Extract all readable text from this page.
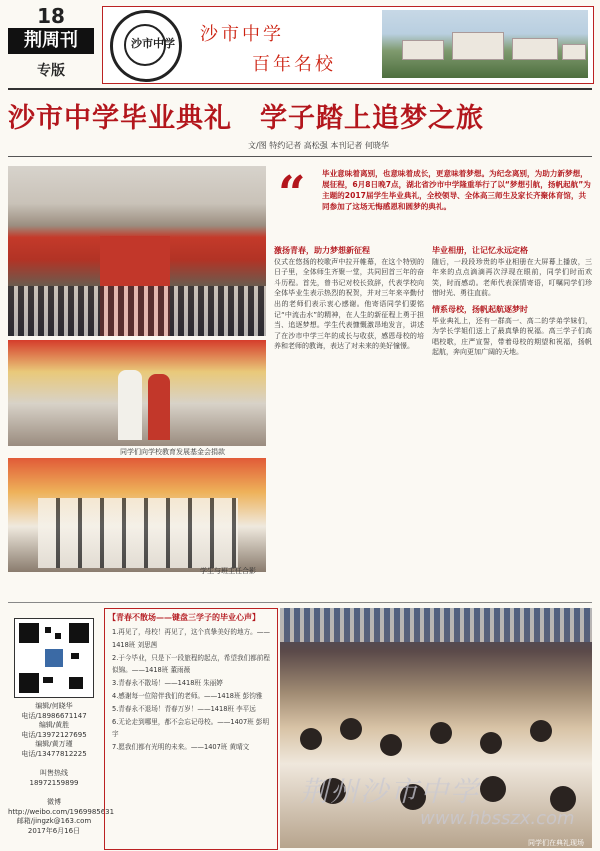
18
荆周刊
专版
沙市中学 沙市中学
百年名校
沙市中学毕业典礼　学子踏上追梦之旅
文/图 特约记者 高松强 本刊记者 何晓华
同学们向学校教育发展基金会捐款
学生与班主任合影
“ 毕业意味着离别，也意味着成长，更意味着梦想。为纪念离别，为助力新梦想，展征程，6月8日晚7点，湖北省沙市中学隆重举行了以“梦想引航，扬帆起航”为主题的2017届学生毕业典礼，全校领导、全体高三师生及家长齐聚体育馆，共同参加了这场无悔感恩和圆梦的典礼。
激扬青春，助力梦想新征程
仪式在悠扬的校歌声中拉开帷幕，在这个特别的日子里，全体师生齐聚一堂，共同回首三年的奋斗历程。首先，曾书记对校长致辞，代表学校向全体毕业生表示热烈的祝贺，并对三年来辛勤付出的老师们表示衷心感谢。他寄语同学们要铭记“中流击水”的精神，在人生的新征程上勇于担当、追逐梦想。学生代表慷慨激昂地发言，讲述了在沙市中学三年的成长与收获，感恩母校的培养和老师的教诲，表达了对未来的美好憧憬。
毕业相册，让记忆永远定格
随后，一段段珍贵的毕业相册在大屏幕上播放，三年来的点点滴滴再次浮现在眼前，同学们时而欢笑，时而感动。老师代表深情寄语，叮嘱同学们珍惜时光、勇往直前。
情系母校，扬帆起航逐梦时
毕业典礼上，还有一群高一、高二的学弟学妹们，为学长学姐们送上了最真挚的祝福。高三学子们高唱校歌，庄严宣誓，带着母校的期望和祝福，扬帆起航，奔向更加广阔的天地。
编辑/何晓华
电话/18986671147
编辑/黄胜
电话/13972127695
编辑/黄万瑾
电话/13477812225

叫售热线
18972159899

微博
http://weibo.com/1969985631
邮箱/jingzk@163.com
2017年6月16日
【青春不散场——键盘三学子的毕业心声】
1.再见了，母校！再见了，这个真挚美好的地方。——1418班 刘思茜
2.于今毕业，只是下一段旅程的起点，希望我们都前程似锦。——1418班 董雨薇
3.青春永不散场！——1418班 朱丽婷
4.感谢每一位陪伴我们的老师。——1418班 彭钧雅
5.青春永不退场！青春万岁！——1418班 李平远
6.无论走到哪里，都不会忘记母校。——1407班 彭明宇
7.愿我们都有光明的未来。——1407班 黄晴文
同学们在典礼现场
荆州沙市中学
www.hbsszx.com
